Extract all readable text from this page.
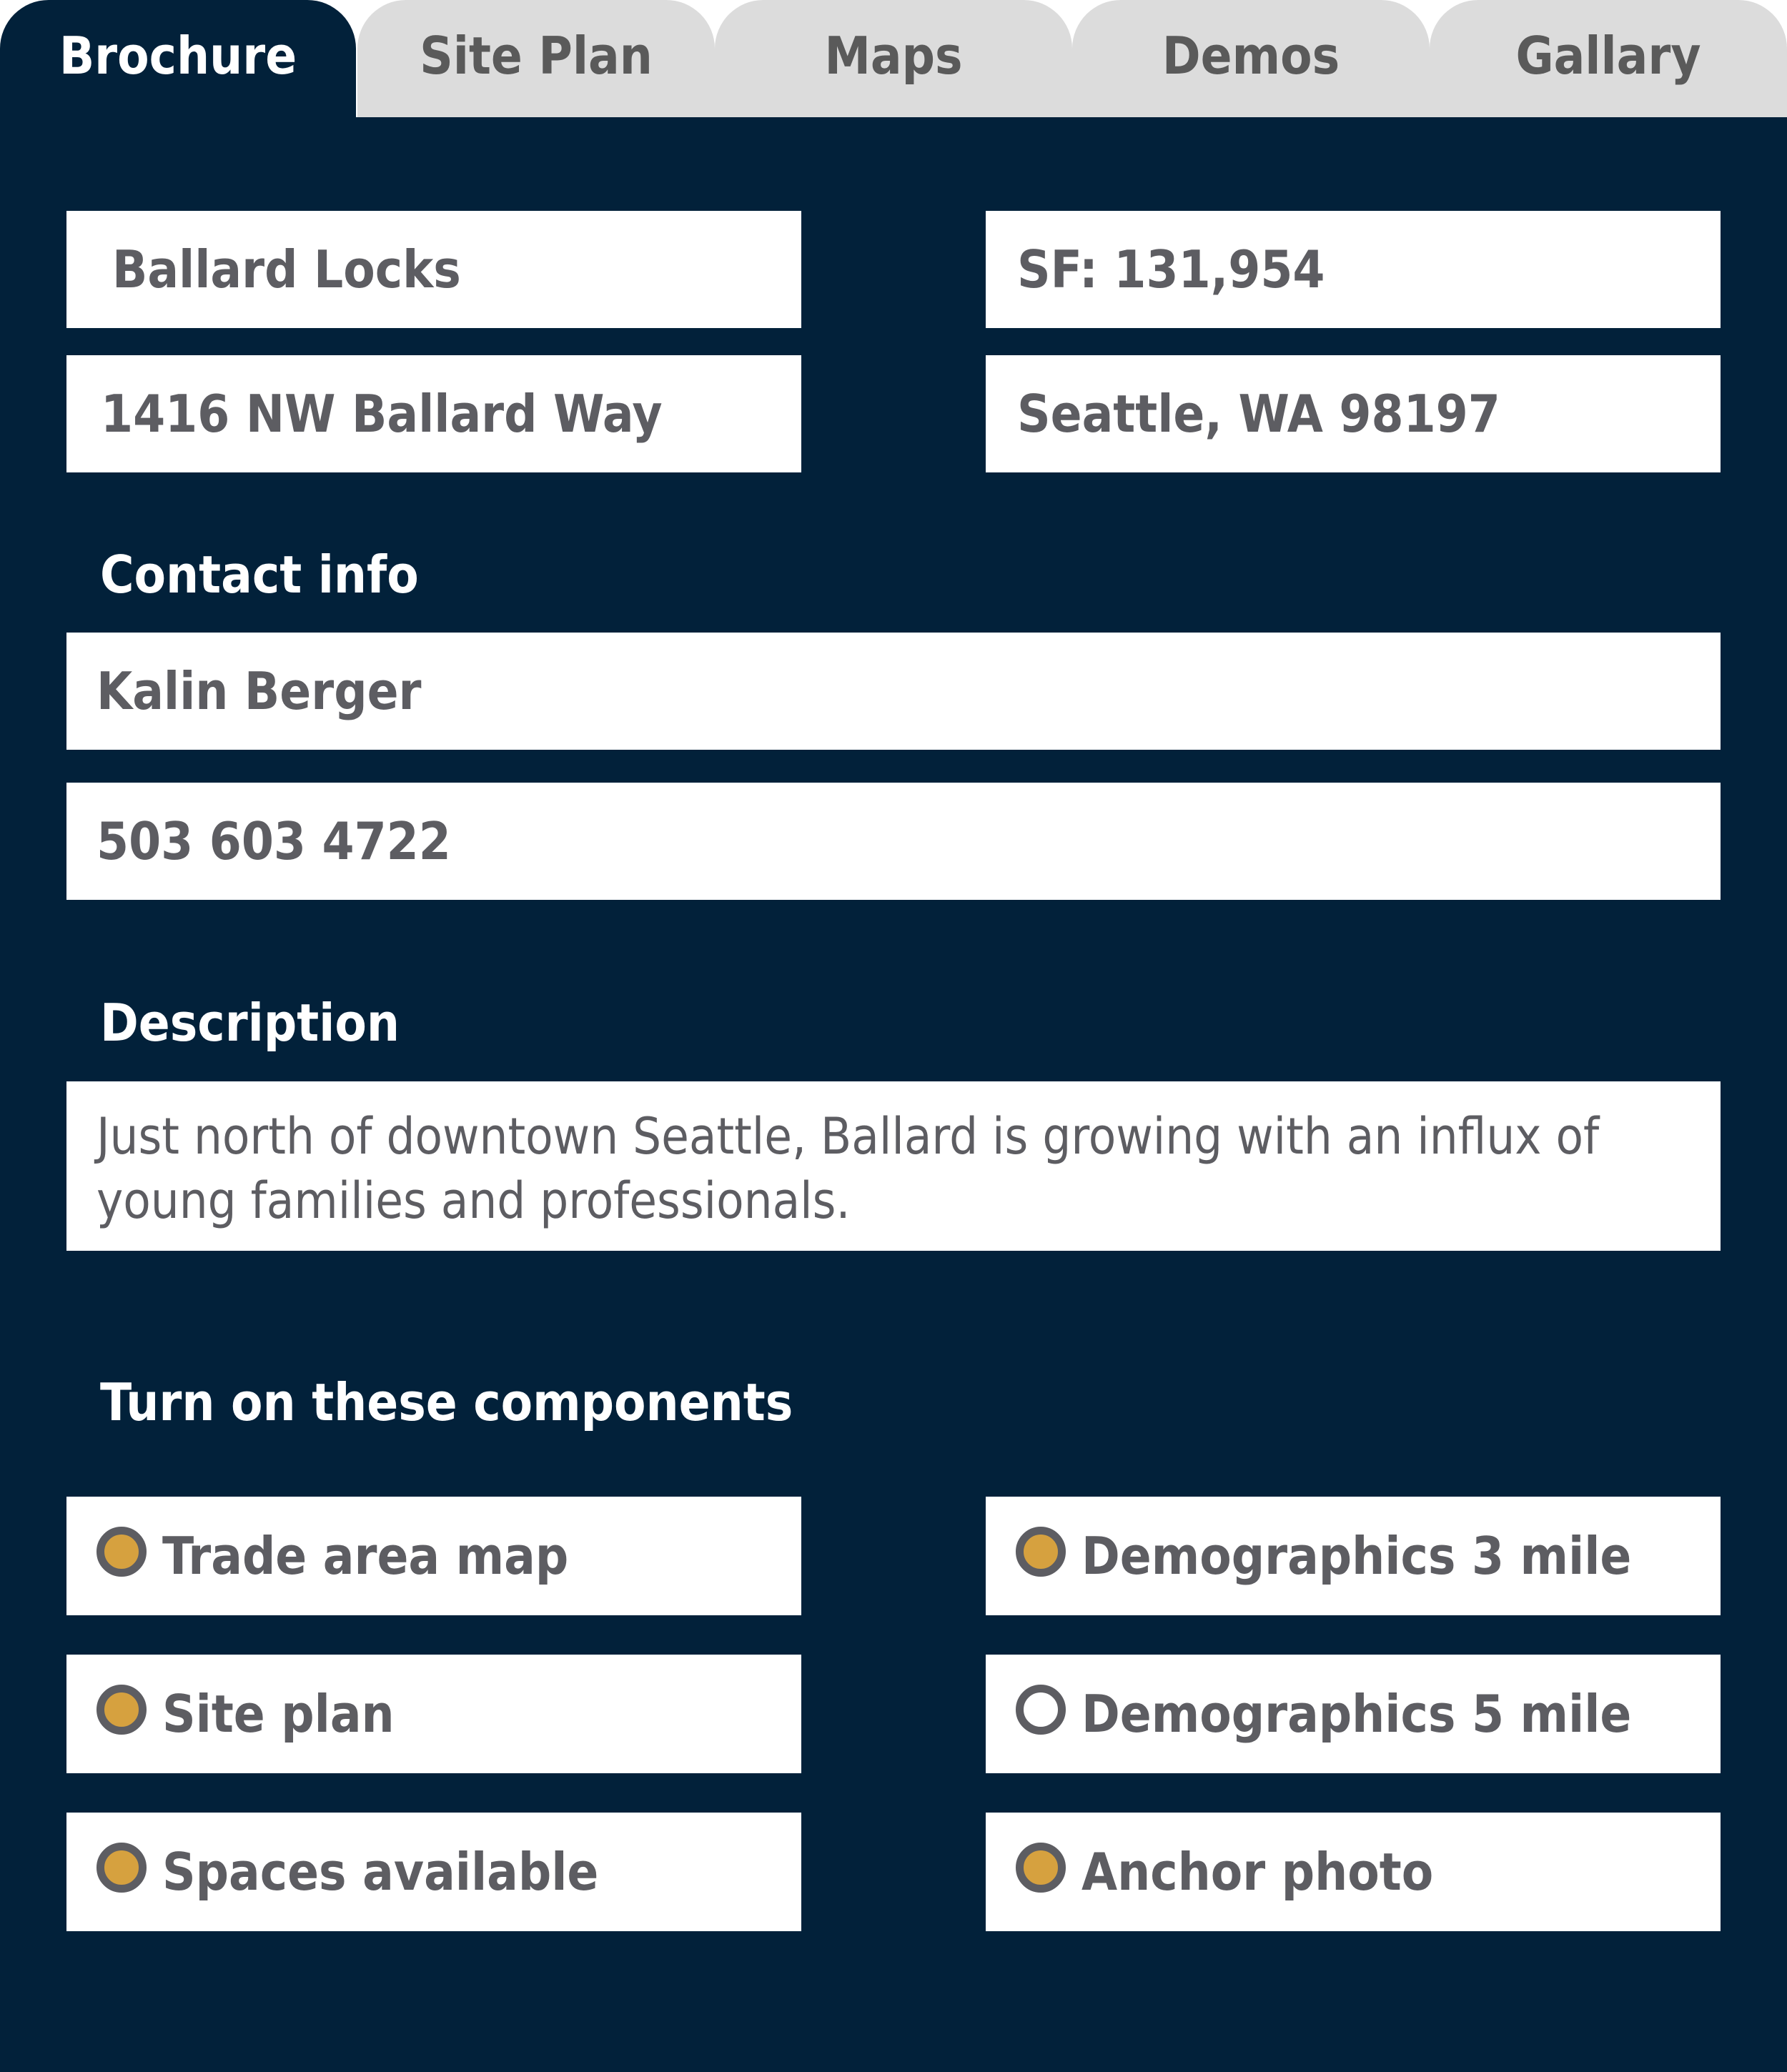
Brochure	Site Plan	Maps	Demos	Gallary
Ballard Locks	SF: 131,954
1416 NW Ballard Way	Seattle, WA 98197
Contact info
Kalin Berger
503 603 4722
Description
Just north of downtown Seattle, Ballard is growing with an influx of young families and professionals.
Turn on these components
Trade area map	Demographics 3 mile
Site plan	Demographics 5 mile
Spaces available	Anchor photo
